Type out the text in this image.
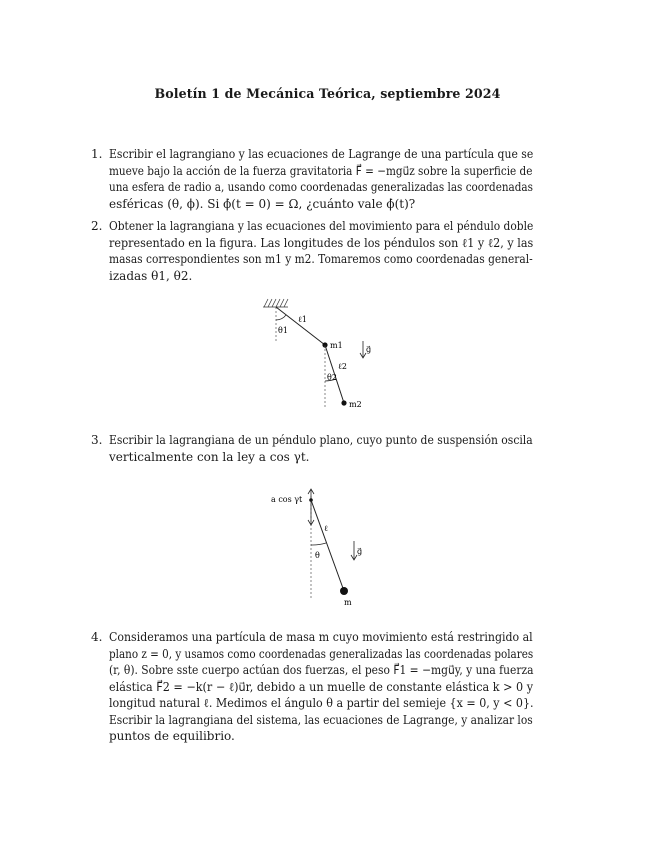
Boletín 1 de Mecánica Teórica, septiembre 2024
1. Escribir el lagrangiano y las ecuaciones de Lagrange de una partícula que se
mueve bajo la acción de la fuerza gravitatoria F⃗ = −mgu⃗z sobre la superficie de
una esfera de radio a, usando como coordenadas generalizadas las coordenadas
esféricas (θ, ϕ). Si ϕ̇(t = 0) = Ω, ¿cuánto vale ϕ̇(t)?
2. Obtener la lagrangiana y las ecuaciones del movimiento para el péndulo doble
representado en la figura. Las longitudes de los péndulos son ℓ1 y ℓ2, y las
masas correspondientes son m1 y m2. Tomaremos como coordenadas general-
izadas θ1, θ2.
ℓ1
θ1
m1
ℓ2
θ2
m2
g⃗
3. Escribir la lagrangiana de un péndulo plano, cuyo punto de suspensión oscila
verticalmente con la ley a cos γt.
a cos γt
ℓ
θ
m
g⃗
4. Consideramos una partícula de masa m cuyo movimiento está restringido al
plano z = 0, y usamos como coordenadas generalizadas las coordenadas polares
(r, θ). Sobre sste cuerpo actúan dos fuerzas, el peso F⃗1 = −mgu⃗y, y una fuerza
elástica F⃗2 = −k(r − ℓ)u⃗r, debido a un muelle de constante elástica k > 0 y
longitud natural ℓ. Medimos el ángulo θ a partir del semieje {x = 0, y < 0}.
Escribir la lagrangiana del sistema, las ecuaciones de Lagrange, y analizar los
puntos de equilibrio.
